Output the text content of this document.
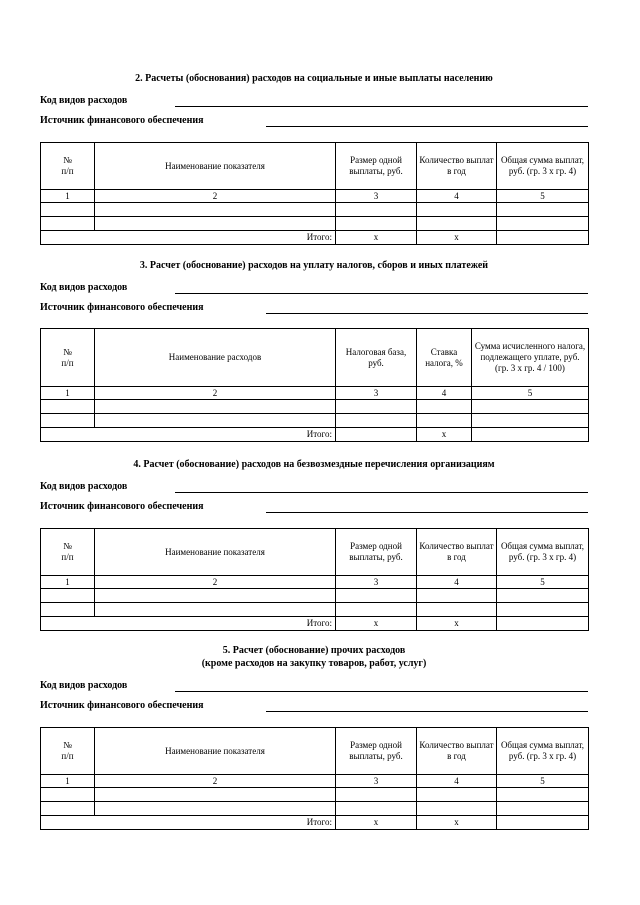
2. Расчеты (обоснования) расходов на социальные и иные выплаты населению

Код видов расходов
Источник финансового обеспечения
№
п/п	Наименование показателя	Размер одной выплаты, руб.	Количество выплат в год	Общая сумма выплат, руб. (гр. 3 х гр. 4)
1	2	3	4	5

Итого:		x	x	

3. Расчет (обоснование) расходов на уплату налогов, сборов и иных платежей

Код видов расходов
Источник финансового обеспечения
№
п/п	Наименование расходов	Налоговая база, руб.	Ставка налога, %	Сумма исчисленного налога, подлежащего уплате, руб. (гр. 3 х гр. 4 / 100)
1	2	3	4	5

Итого:			x	

4. Расчет (обоснование) расходов на безвозмездные перечисления организациям

Код видов расходов
Источник финансового обеспечения
№
п/п	Наименование показателя	Размер одной выплаты, руб.	Количество выплат в год	Общая сумма выплат, руб. (гр. 3 х гр. 4)
1	2	3	4	5

Итого:		x	x	

5. Расчет (обоснование) прочих расходов
(кроме расходов на закупку товаров, работ, услуг)

Код видов расходов
Источник финансового обеспечения
№
п/п	Наименование показателя	Размер одной выплаты, руб.	Количество выплат в год	Общая сумма выплат, руб. (гр. 3 х гр. 4)
1	2	3	4	5

Итого:		x	x	
